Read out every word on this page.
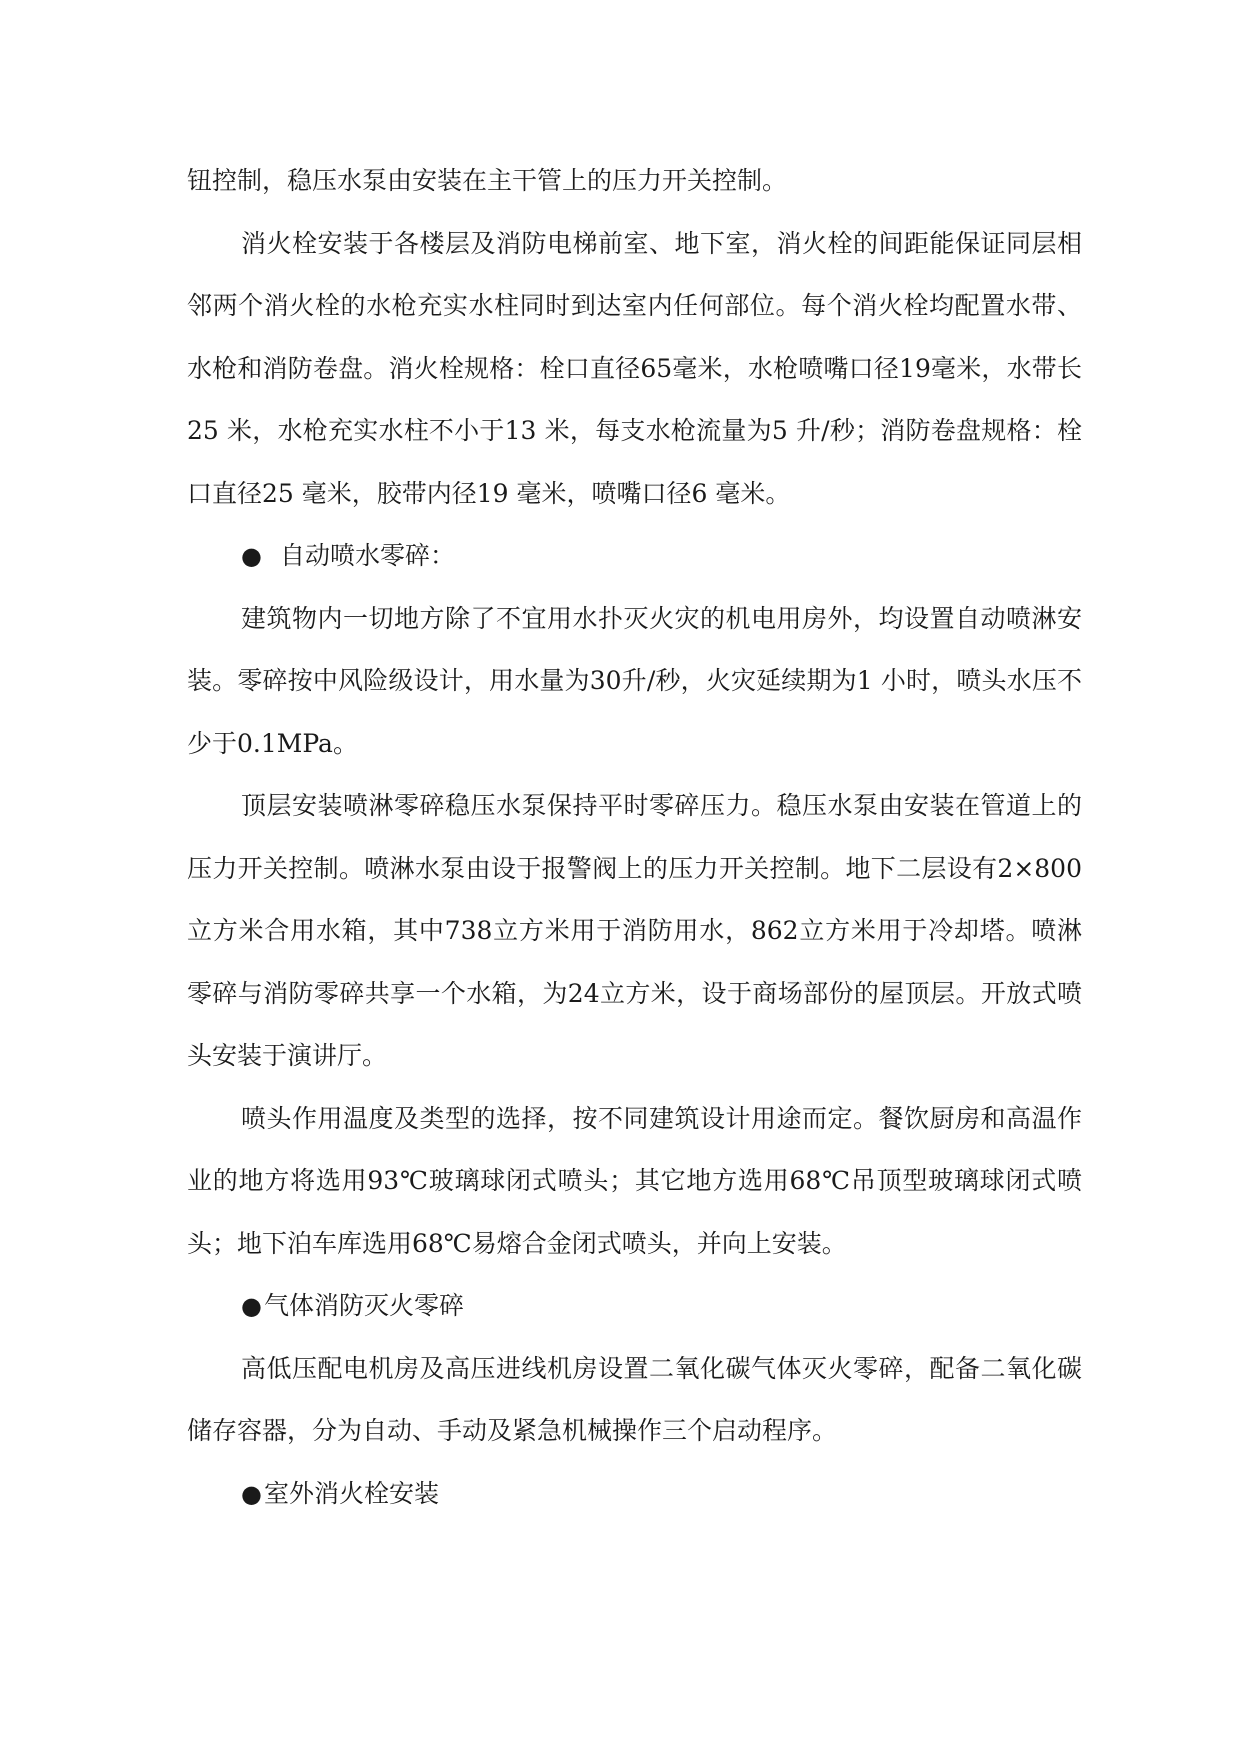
钮控制，稳压水泵由安装在主干管上的压力开关控制。

消火栓安装于各楼层及消防电梯前室、地下室，消火栓的间距能保证同层相邻两个消火栓的水枪充实水柱同时到达室内任何部位。每个消火栓均配置水带、水枪和消防卷盘。消火栓规格：栓口直径65毫米，水枪喷嘴口径19毫米，水带长25 米，水枪充实水柱不小于13 米，每支水枪流量为5 升/秒；消防卷盘规格：栓口直径25 毫米，胶带内径19 毫米，喷嘴口径6 毫米。

● 自动喷水零碎：

建筑物内一切地方除了不宜用水扑灭火灾的机电用房外，均设置自动喷淋安装。零碎按中风险级设计，用水量为30升/秒，火灾延续期为1 小时，喷头水压不少于0.1MPa。

顶层安装喷淋零碎稳压水泵保持平时零碎压力。稳压水泵由安装在管道上的压力开关控制。喷淋水泵由设于报警阀上的压力开关控制。地下二层设有2×800立方米合用水箱，其中738立方米用于消防用水，862立方米用于冷却塔。喷淋零碎与消防零碎共享一个水箱，为24立方米，设于商场部份的屋顶层。开放式喷头安装于演讲厅。

喷头作用温度及类型的选择，按不同建筑设计用途而定。餐饮厨房和高温作业的地方将选用93℃玻璃球闭式喷头；其它地方选用68℃吊顶型玻璃球闭式喷头；地下泊车库选用68℃易熔合金闭式喷头，并向上安装。

●气体消防灭火零碎

高低压配电机房及高压进线机房设置二氧化碳气体灭火零碎，配备二氧化碳储存容器，分为自动、手动及紧急机械操作三个启动程序。

●室外消火栓安装
